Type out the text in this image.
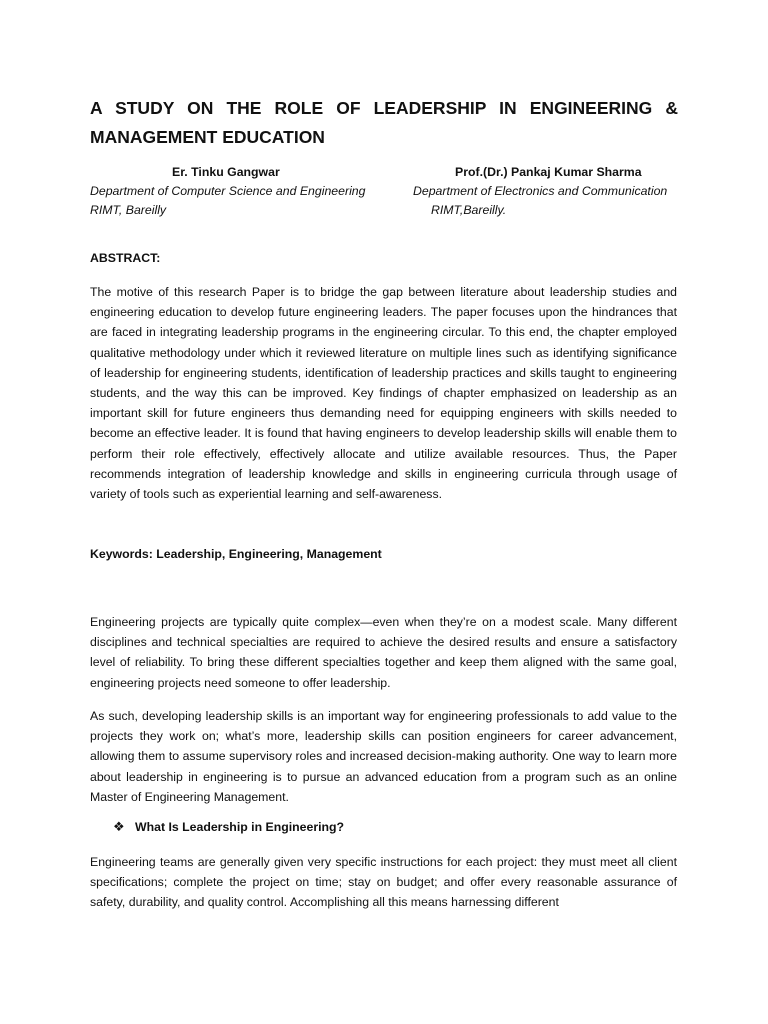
A STUDY ON THE ROLE OF LEADERSHIP IN ENGINEERING & MANAGEMENT EDUCATION
Er. Tinku Gangwar
Department of Computer Science and Engineering
RIMT, Bareilly
Prof.(Dr.) Pankaj Kumar Sharma
Department of Electronics and Communication
RIMT,Bareilly.
ABSTRACT:

The motive of this research Paper is to bridge the gap between literature about leadership studies and engineering education to develop future engineering leaders. The paper focuses upon the hindrances that are faced in integrating leadership programs in the engineering circular. To this end, the chapter employed qualitative methodology under which it reviewed literature on multiple lines such as identifying significance of leadership for engineering students, identification of leadership practices and skills taught to engineering students, and the way this can be improved. Key findings of chapter emphasized on leadership as an important skill for future engineers thus demanding need for equipping engineers with skills needed to become an effective leader. It is found that having engineers to develop leadership skills will enable them to perform their role effectively, effectively allocate and utilize available resources. Thus, the Paper recommends integration of leadership knowledge and skills in engineering curricula through usage of variety of tools such as experiential learning and self-awareness.

Keywords: Leadership, Engineering, Management

Engineering projects are typically quite complex—even when they’re on a modest scale. Many different disciplines and technical specialties are required to achieve the desired results and ensure a satisfactory level of reliability. To bring these different specialties together and keep them aligned with the same goal, engineering projects need someone to offer leadership.

As such, developing leadership skills is an important way for engineering professionals to add value to the projects they work on; what’s more, leadership skills can position engineers for career advancement, allowing them to assume supervisory roles and increased decision-making authority. One way to learn more about leadership in engineering is to pursue an advanced education from a program such as an online Master of Engineering Management.

❖ What Is Leadership in Engineering?

Engineering teams are generally given very specific instructions for each project: they must meet all client specifications; complete the project on time; stay on budget; and offer every reasonable assurance of safety, durability, and quality control. Accomplishing all this means harnessing different
